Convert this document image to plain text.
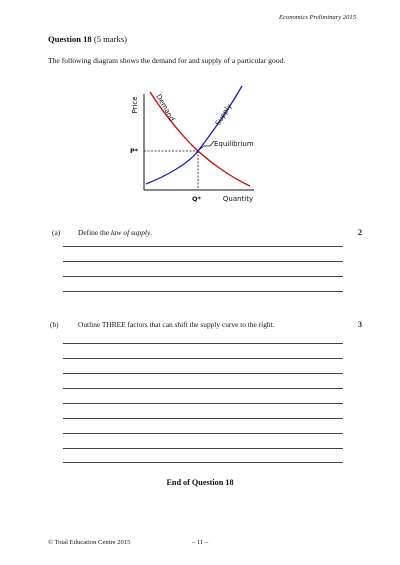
Economics Preliminary 2015
Question 18 (5 marks)
The following diagram shows the demand for and supply of a particular good.
Price
Quantity
Demand	Supply
Equilibrium
P*
Q*
(a) Define the law of supply.	2
(b)	Outline THREE factors that can shift the supply curve to the right.	3
End of Question 18
© Total Education Centre 2015	– 11 –
